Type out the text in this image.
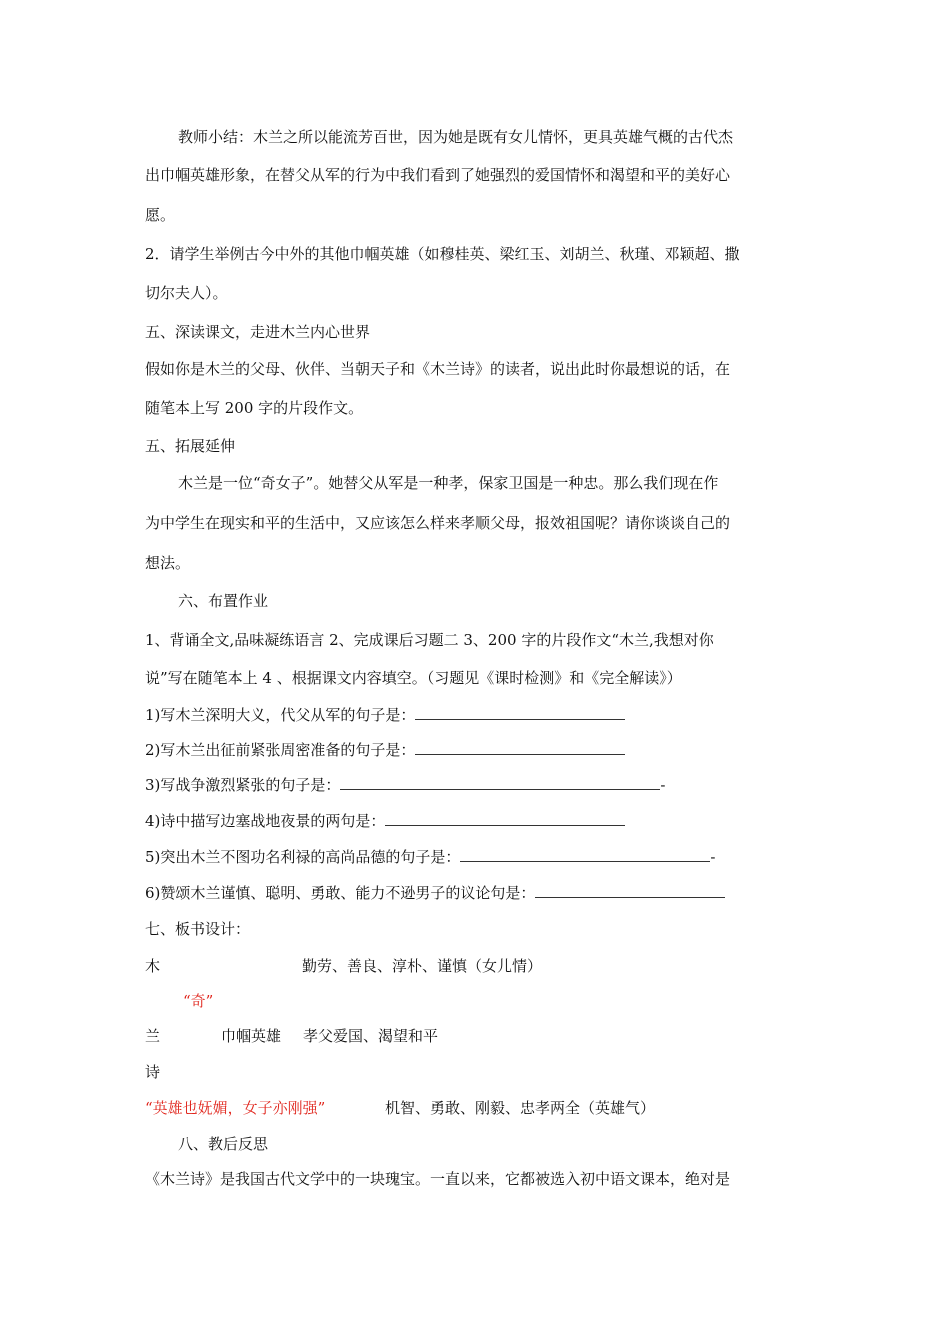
教师小结：木兰之所以能流芳百世，因为她是既有女儿情怀，更具英雄气概的古代杰
出巾帼英雄形象，在替父从军的行为中我们看到了她强烈的爱国情怀和渴望和平的美好心
愿。
2．请学生举例古今中外的其他巾帼英雄（如穆桂英、梁红玉、刘胡兰、秋瑾、邓颖超、撒
切尔夫人）。
五、深读课文，走进木兰内心世界
假如你是木兰的父母、伙伴、当朝天子和《木兰诗》的读者，说出此时你最想说的话，在
随笔本上写 200 字的片段作文。
五、拓展延伸
木兰是一位“奇女子”。她替父从军是一种孝，保家卫国是一种忠。那么我们现在作
为中学生在现实和平的生活中，又应该怎么样来孝顺父母，报效祖国呢？请你谈谈自己的
想法。
六、布置作业
1、背诵全文,品味凝练语言 2、完成课后习题二 3、200 字的片段作文“木兰,我想对你
说”写在随笔本上 4 、根据课文内容填空。（习题见《课时检测》和《完全解读》）
1)写木兰深明大义，代父从军的句子是：
2)写木兰出征前紧张周密准备的句子是：
3)写战争激烈紧张的句子是：	-
4)诗中描写边塞战地夜景的两句是：
5)突出木兰不图功名利禄的高尚品德的句子是：	-
6)赞颂木兰谨慎、聪明、勇敢、能力不逊男子的议论句是：
七、板书设计：
木	勤劳、善良、淳朴、谨慎（女儿情）
“奇”
兰	巾帼英雄 孝父爱国、渴望和平
诗
“英雄也妩媚，女子亦刚强”	机智、勇敢、刚毅、忠孝两全（英雄气）
八、教后反思
《木兰诗》是我国古代文学中的一块瑰宝。一直以来，它都被选入初中语文课本，绝对是
